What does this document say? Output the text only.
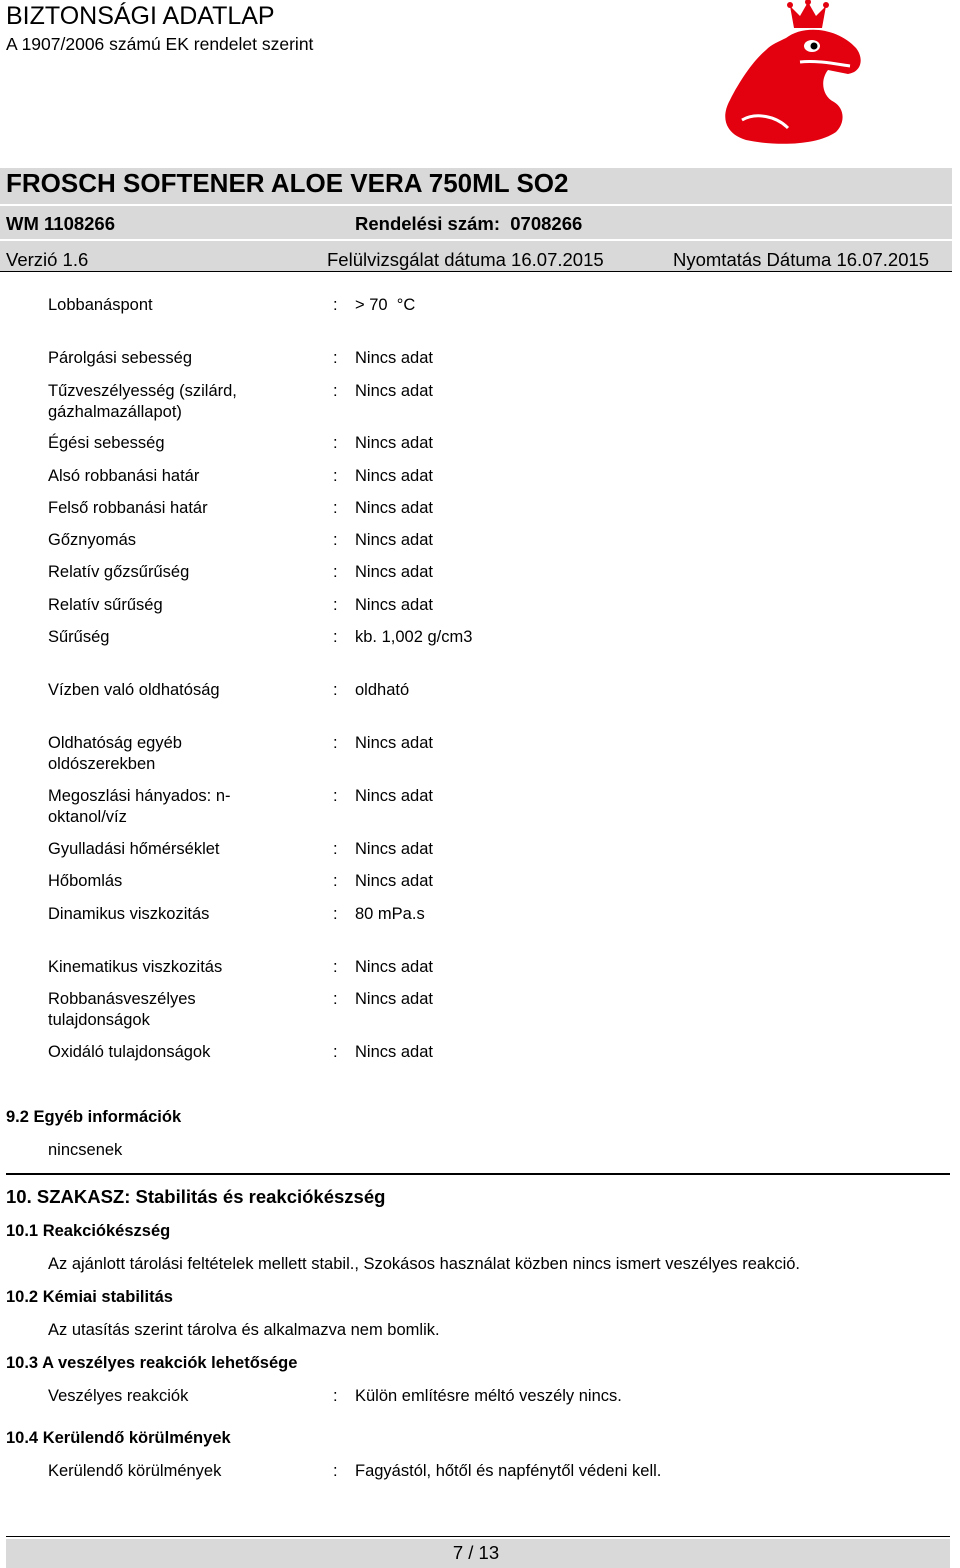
BIZTONSÁGI ADATLAP
A 1907/2006 számú EK rendelet szerint
FROSCH SOFTENER ALOE VERA 750ML SO2
WM 1108266	Rendelési szám:  0708266
Verzió 1.6	Felülvizsgálat dátuma 16.07.2015	Nyomtatás Dátuma 16.07.2015
Lobbanáspont	: > 70  °C
Párolgási sebesség	: Nincs adat
Tűzveszélyesség (szilárd, gázhalmazállapot)
: Nincs adat
Égési sebesség	: Nincs adat
Alsó robbanási határ	: Nincs adat
Felső robbanási határ	: Nincs adat
Gőznyomás	: Nincs adat
Relatív gőzsűrűség	: Nincs adat
Relatív sűrűség	: Nincs adat
Sűrűség	: kb. 1,002 g/cm3
Vízben való oldhatóság	: oldható
Oldhatóság egyéb oldószerekben
: Nincs adat
Megoszlási hányados: n-oktanol/víz
: Nincs adat
Gyulladási hőmérséklet	: Nincs adat
Hőbomlás	: Nincs adat
Dinamikus viszkozitás	: 80 mPa.s
Kinematikus viszkozitás	: Nincs adat
Robbanásveszélyes tulajdonságok
: Nincs adat
Oxidáló tulajdonságok	: Nincs adat
9.2 Egyéb információk
nincsenek
10. SZAKASZ: Stabilitás és reakciókészség
10.1 Reakciókészség
Az ajánlott tárolási feltételek mellett stabil., Szokásos használat közben nincs ismert veszélyes reakció.
10.2 Kémiai stabilitás
Az utasítás szerint tárolva és alkalmazva nem bomlik.
10.3 A veszélyes reakciók lehetősége
Veszélyes reakciók	: Külön említésre méltó veszély nincs.
10.4 Kerülendő körülmények
Kerülendő körülmények	: Fagyástól, hőtől és napfénytől védeni kell.
7 / 13
